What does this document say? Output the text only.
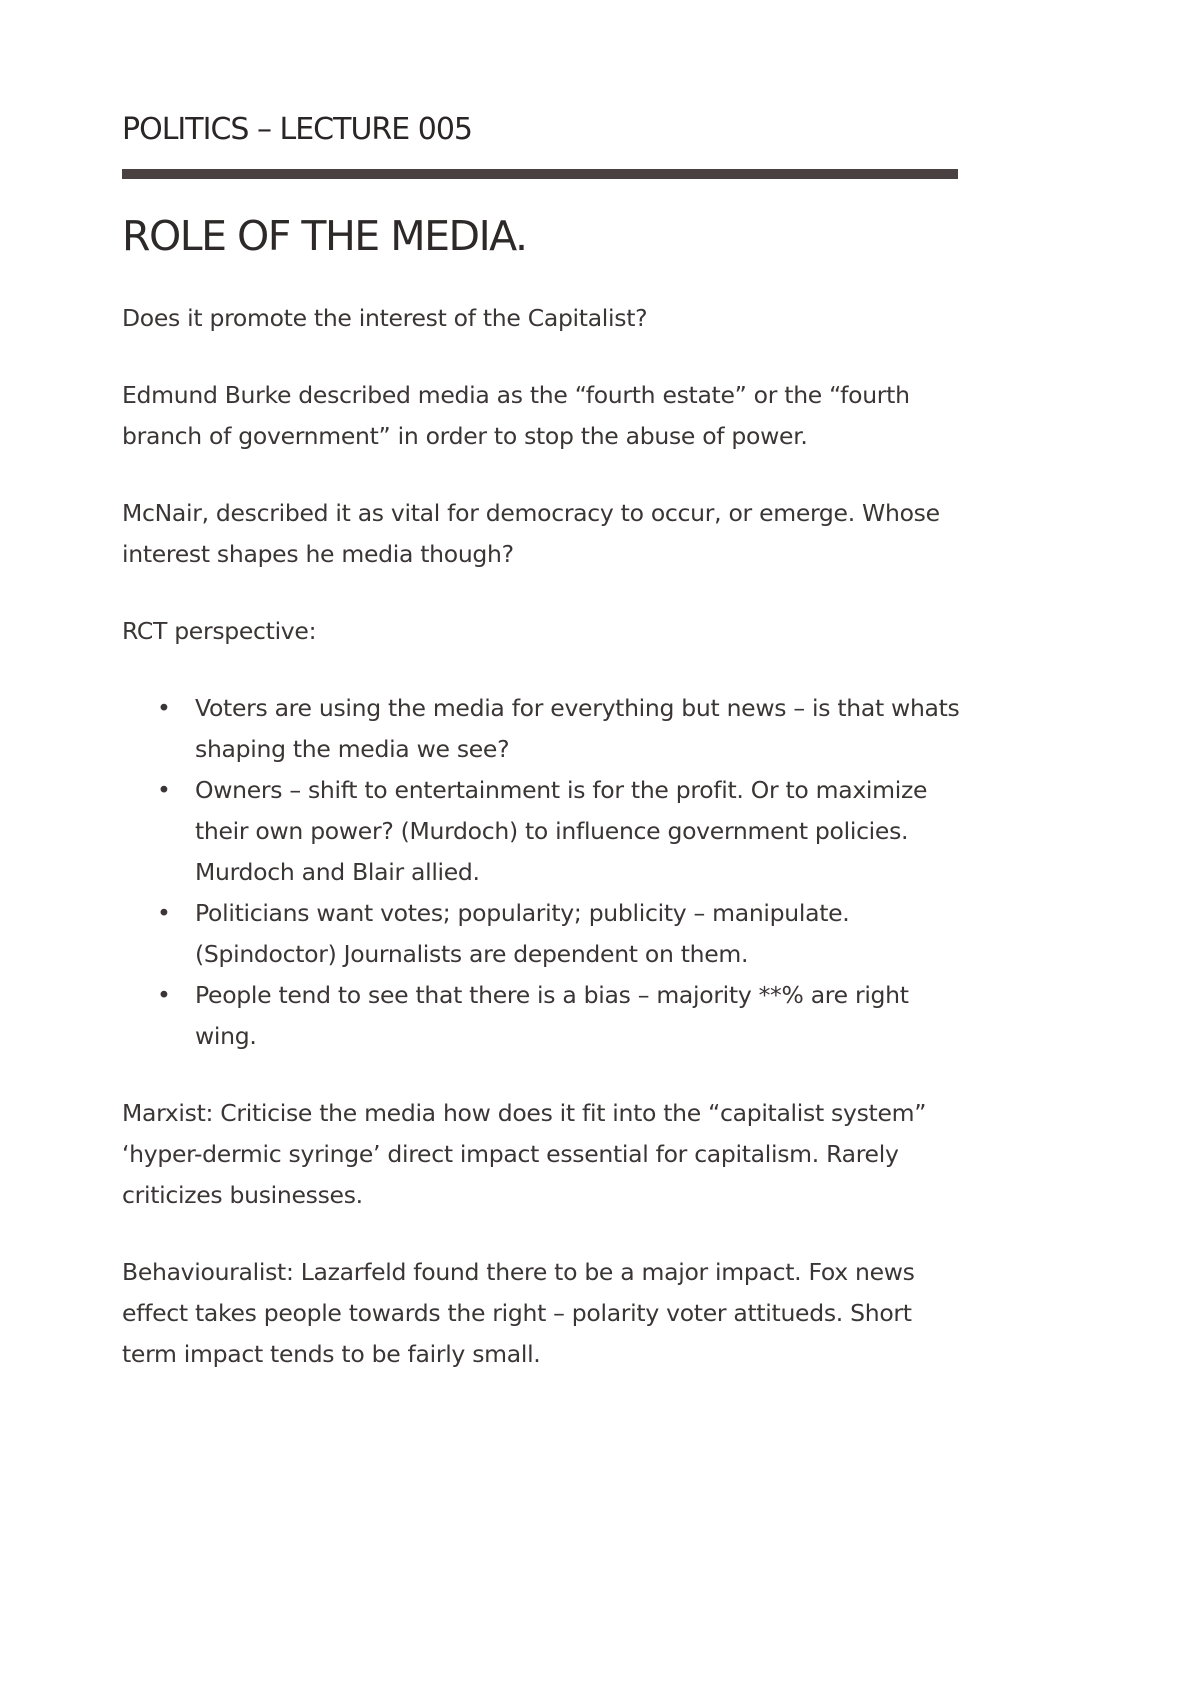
POLITICS – LECTURE 005
ROLE OF THE MEDIA.

Does it promote the interest of the Capitalist?

Edmund Burke described media as the “fourth estate” or the “fourth branch of government” in order to stop the abuse of power.

McNair, described it as vital for democracy to occur, or emerge. Whose interest shapes he media though?

RCT perspective:

• Voters are using the media for everything but news – is that whats shaping the media we see?
• Owners – shift to entertainment is for the profit. Or to maximize their own power? (Murdoch) to influence government policies. Murdoch and Blair allied.
• Politicians want votes; popularity; publicity – manipulate. (Spindoctor) Journalists are dependent on them.
• People tend to see that there is a bias – majority **% are right wing.

Marxist: Criticise the media how does it fit into the “capitalist system” ‘hyper-dermic syringe’ direct impact essential for capitalism. Rarely criticizes businesses.

Behaviouralist: Lazarfeld found there to be a major impact. Fox news effect takes people towards the right – polarity voter attitueds. Short term impact tends to be fairly small.
